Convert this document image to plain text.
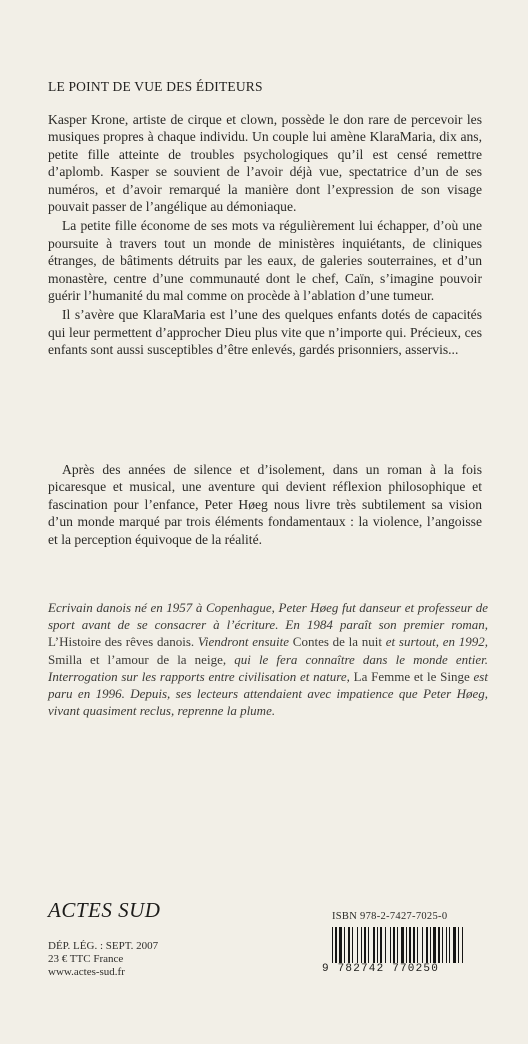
LE POINT DE VUE DES ÉDITEURS

Kasper Krone, artiste de cirque et clown, possède le don rare de percevoir les musiques propres à chaque individu. Un couple lui amène KlaraMaria, dix ans, petite fille atteinte de troubles psychologiques qu’il est censé remettre d’aplomb. Kasper se souvient de l’avoir déjà vue, spectatrice d’un de ses numéros, et d’avoir remarqué la manière dont l’expression de son visage pouvait passer de l’angélique au démoniaque.

La petite fille économe de ses mots va régulièrement lui échapper, d’où une poursuite à travers tout un monde de ministères inquiétants, de cliniques étranges, de bâtiments détruits par les eaux, de galeries souterraines, et d’un monastère, centre d’une communauté dont le chef, Caïn, s’imagine pouvoir guérir l’humanité du mal comme on procède à l’ablation d’une tumeur.

Il s’avère que KlaraMaria est l’une des quelques enfants dotés de capacités qui leur permettent d’approcher Dieu plus vite que n’importe qui. Précieux, ces enfants sont aussi susceptibles d’être enlevés, gardés prisonniers, asservis...

Après des années de silence et d’isolement, dans un roman à la fois picaresque et musical, une aventure qui devient réflexion philosophique et fascination pour l’enfance, Peter Høeg nous livre très subtilement sa vision d’un monde marqué par trois éléments fondamentaux : la violence, l’angoisse et la perception équivoque de la réalité.

Ecrivain danois né en 1957 à Copenhague, Peter Høeg fut danseur et professeur de sport avant de se consacrer à l’écriture. En 1984 paraît son premier roman, L’Histoire des rêves danois. Viendront ensuite Contes de la nuit et surtout, en 1992, Smilla et l’amour de la neige, qui le fera connaître dans le monde entier. Interrogation sur les rapports entre civilisation et nature, La Femme et le Singe est paru en 1996. Depuis, ses lecteurs attendaient avec impatience que Peter Høeg, vivant quasiment reclus, reprenne la plume.

ACTES SUD
DÉP. LÉG. : SEPT. 2007
23 € TTC France
www.actes-sud.fr
ISBN 978-2-7427-7025-0
9 782742 770250
